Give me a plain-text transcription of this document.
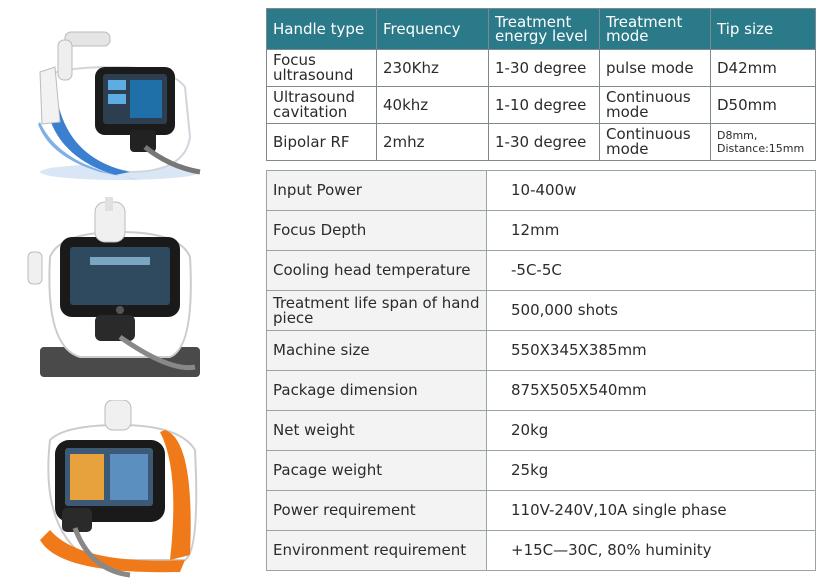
Handle type	Frequency	Treatment energy level	Treatment mode	Tip size
Focus ultrasound	230Khz	1-30 degree	pulse mode	D42mm
Ultrasound cavitation	40khz	1-10 degree	Continuous mode	D50mm
Bipolar RF	2mhz	1-30 degree	Continuous mode	D8mm, Distance:15mm
Input Power	10-400w
Focus Depth	12mm
Cooling head temperature	-5C-5C
Treatment life span of hand piece	500,000 shots
Machine size	550X345X385mm
Package dimension	875X505X540mm
Net weight	20kg
Pacage weight	25kg
Power requirement	110V-240V,10A single phase
Environment requirement	+15C—30C, 80% huminity
